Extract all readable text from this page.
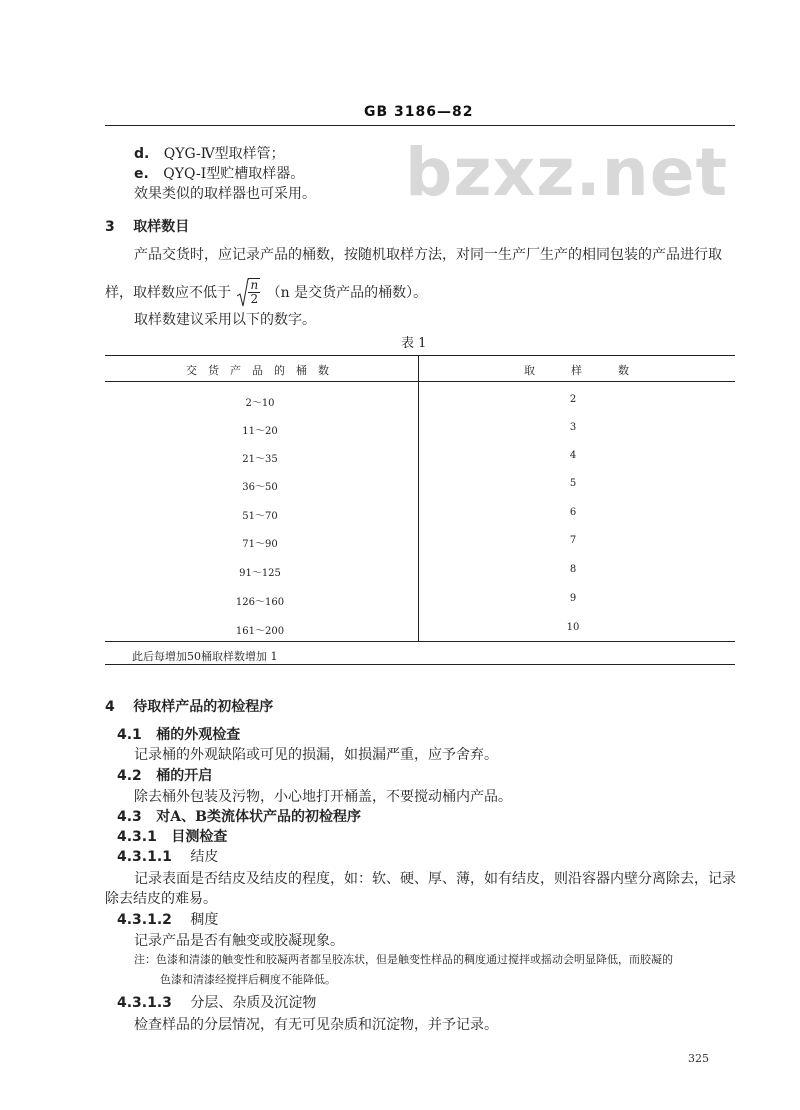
bzxz.net
GB 3186—82
d. QYG-Ⅳ型取样管；
e. QYQ-Ⅰ型贮槽取样器。
效果类似的取样器也可采用。
3 取样数目
产品交货时，应记录产品的桶数，按随机取样方法，对同一生产厂生产的相同包装的产品进行取
样，取样数应不低于 $\frac{n}{2} (n$ 是交货产品的桶数）。
取样数建议采用以下的数字。
表 1
交货产品的桶数	取样数
2～10	2
11～20	3
21～35	4
36～50	5
51～70	6
71～90	7
91～125	8
126～160	9
161～200	10
此后每增加50桶取样数增加 1
4 待取样产品的初检程序
4.1 桶的外观检查
记录桶的外观缺陷或可见的损漏，如损漏严重，应予舍弃。
4.2 桶的开启
除去桶外包装及污物，小心地打开桶盖，不要搅动桶内产品。
4.3 对A、B类流体状产品的初检程序
4.3.1 目测检查
4.3.1.1 结皮
记录表面是否结皮及结皮的程度，如：软、硬、厚、薄，如有结皮，则沿容器内壁分离除去，记录
除去结皮的难易。
4.3.1.2 稠度
记录产品是否有触变或胶凝现象。
注：色漆和清漆的触变性和胶凝两者都呈胶冻状，但是触变性样品的稠度通过搅拌或摇动会明显降低，而胶凝的
色漆和清漆经搅拌后稠度不能降低。
4.3.1.3 分层、杂质及沉淀物
检查样品的分层情况，有无可见杂质和沉淀物，并予记录。
325
